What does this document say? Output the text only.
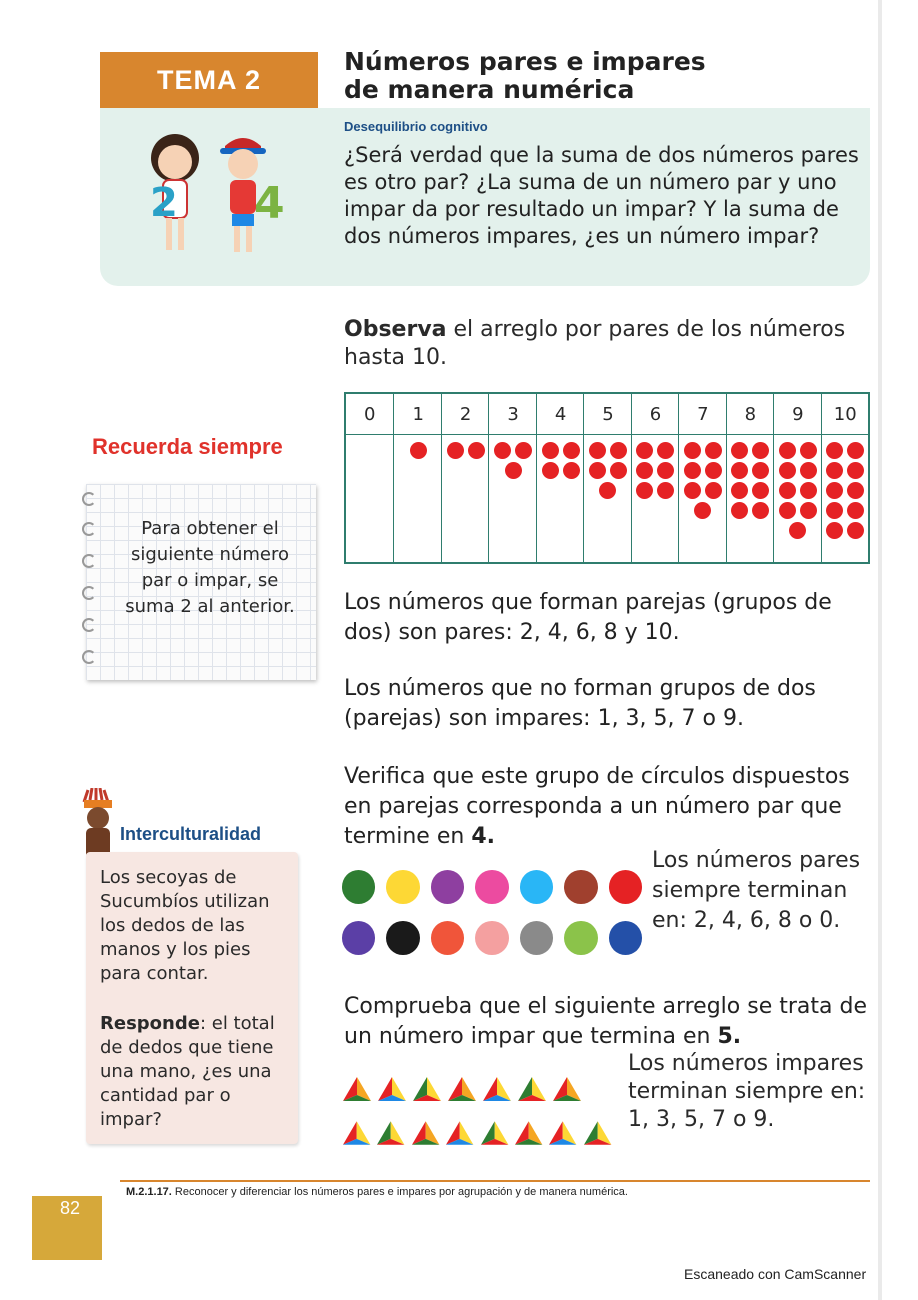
TEMA 2
Números pares e impares
de manera numérica
Desequilibrio cognitivo
¿Será verdad que la suma de dos números pares es otro par? ¿La suma de un número par y uno impar da por resultado un impar? Y la suma de dos números impares, ¿es un número impar?
2 4
Observa el arreglo por pares de los números hasta 10.
0	1	2	3	4	5	6	7	8	9	10
Recuerda siempre
Para obtener el siguiente número par o impar, se suma 2 al anterior. Los números que forman parejas (grupos de dos) son pares: 2, 4, 6, 8 y 10.
Los números que no forman grupos de dos (parejas) son impares: 1, 3, 5, 7 o 9.
Verifica que este grupo de círculos dispuestos en parejas corresponda a un número par que termine en 4.
Los números pares siempre terminan en: 2, 4, 6, 8 o 0.
Comprueba que el siguiente arreglo se trata de un número impar que termina en 5.
Los números impares terminan siempre en: 1, 3, 5, 7 o 9.
Interculturalidad
Los secoyas de Sucumbíos utilizan los dedos de las manos y los pies para contar.
Responde: el total de dedos que tiene una mano, ¿es una cantidad par o impar?
M.2.1.17. Reconocer y diferenciar los números pares e impares por agrupación y de manera numérica.
82
Escaneado con CamScanner
